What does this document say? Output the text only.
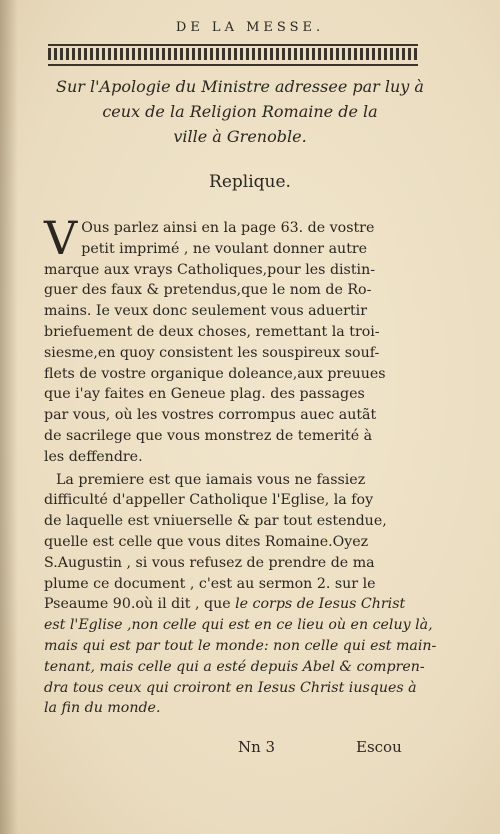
DE LA MESSE.
Sur l'Apologie du Ministre adressee par luy à
ceux de la Religion Romaine de la
ville à Grenoble.
Replique.
V Ous parlez ainsi en la page 63. de vostre
petit imprimé , ne voulant donner autre
marque aux vrays Catholiques,pour les distin-
guer des faux & pretendus,que le nom de Ro-
mains. Ie veux donc seulement vous aduertir
briefuement de deux choses, remettant la troi-
siesme,en quoy consistent les souspireux souf-
flets de vostre organique doleance,aux preuues
que i'ay faites en Geneue plag. des passages
par vous, où les vostres corrompus auec autãt
de sacrilege que vous monstrez de temerité à
les deffendre.
La premiere est que iamais vous ne fassiez
difficulté d'appeller Catholique l'Eglise, la foy
de laquelle est vniuerselle & par tout estendue,
quelle est celle que vous dites Romaine.Oyez
S.Augustin , si vous refusez de prendre de ma
plume ce document , c'est au sermon 2. sur le
Pseaume 90.où il dit , que le corps de Iesus Christ
est l'Eglise ,non celle qui est en ce lieu où en celuy là,
mais qui est par tout le monde: non celle qui est main-
tenant, mais celle qui a esté depuis Abel & compren-
dra tous ceux qui croiront en Iesus Christ iusques à
la fin du monde.
Nn 3	Escou
